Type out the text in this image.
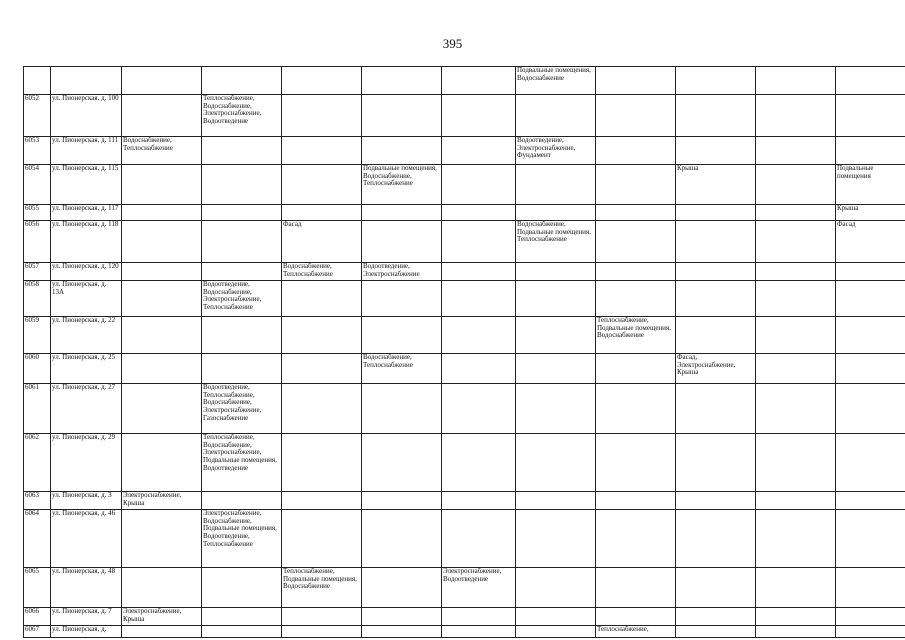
395
							Подвальные помещения, Водоснабжение				
6052	ул. Пионерская, д. 100		Теплоснабжение, Водоснабжение, Электроснабжение, Водоотведение								
6053	ул. Пионерская, д. 111	Водоснабжение, Теплоснабжение					Водоотведение, Электроснабжение, Фундамент				
6054	ул. Пионерская, д. 115				Подвальные помещения, Водоснабжение, Теплоснабжение				Крыша		Подвальные помещения
6055	ул. Пионерская, д. 117										Крыша
6056	ул. Пионерская, д. 118			Фасад			Водоснабжение, Подвальные помещения, Теплоснабжение				Фасад
6057	ул. Пионерская, д. 120			Водоснабжение, Теплоснабжение	Водоотведение, Электроснабжение						
6058	ул. Пионерская, д. 13А		Водоотведение, Водоснабжение, Электроснабжение, Теплоснабжение								
6059	ул. Пионерская, д. 22							Теплоснабжение, Подвальные помещения, Водоснабжение			
6060	ул. Пионерская, д. 25				Водоснабжение, Теплоснабжение				Фасад, Электроснабжение, Крыша		
6061	ул. Пионерская, д. 27		Водоотведение, Теплоснабжение, Водоснабжение, Электроснабжение, Газоснабжение								
6062	ул. Пионерская, д. 29		Теплоснабжение, Водоснабжение, Электроснабжение, Подвальные помещения, Водоотведение								
6063	ул. Пионерская, д. 3	Электроснабжение, Крыша									
6064	ул. Пионерская, д. 46		Электроснабжение, Водоснабжение, Подвальные помещения, Водоотведение, Теплоснабжение								
6065	ул. Пионерская, д. 48			Теплоснабжение, Подвальные помещения, Водоснабжение		Электроснабжение, Водоотведение					
6066	ул. Пионерская, д. 7	Электроснабжение, Крыша									
6067	ул. Пионерская, д.							Теплоснабжение,			
